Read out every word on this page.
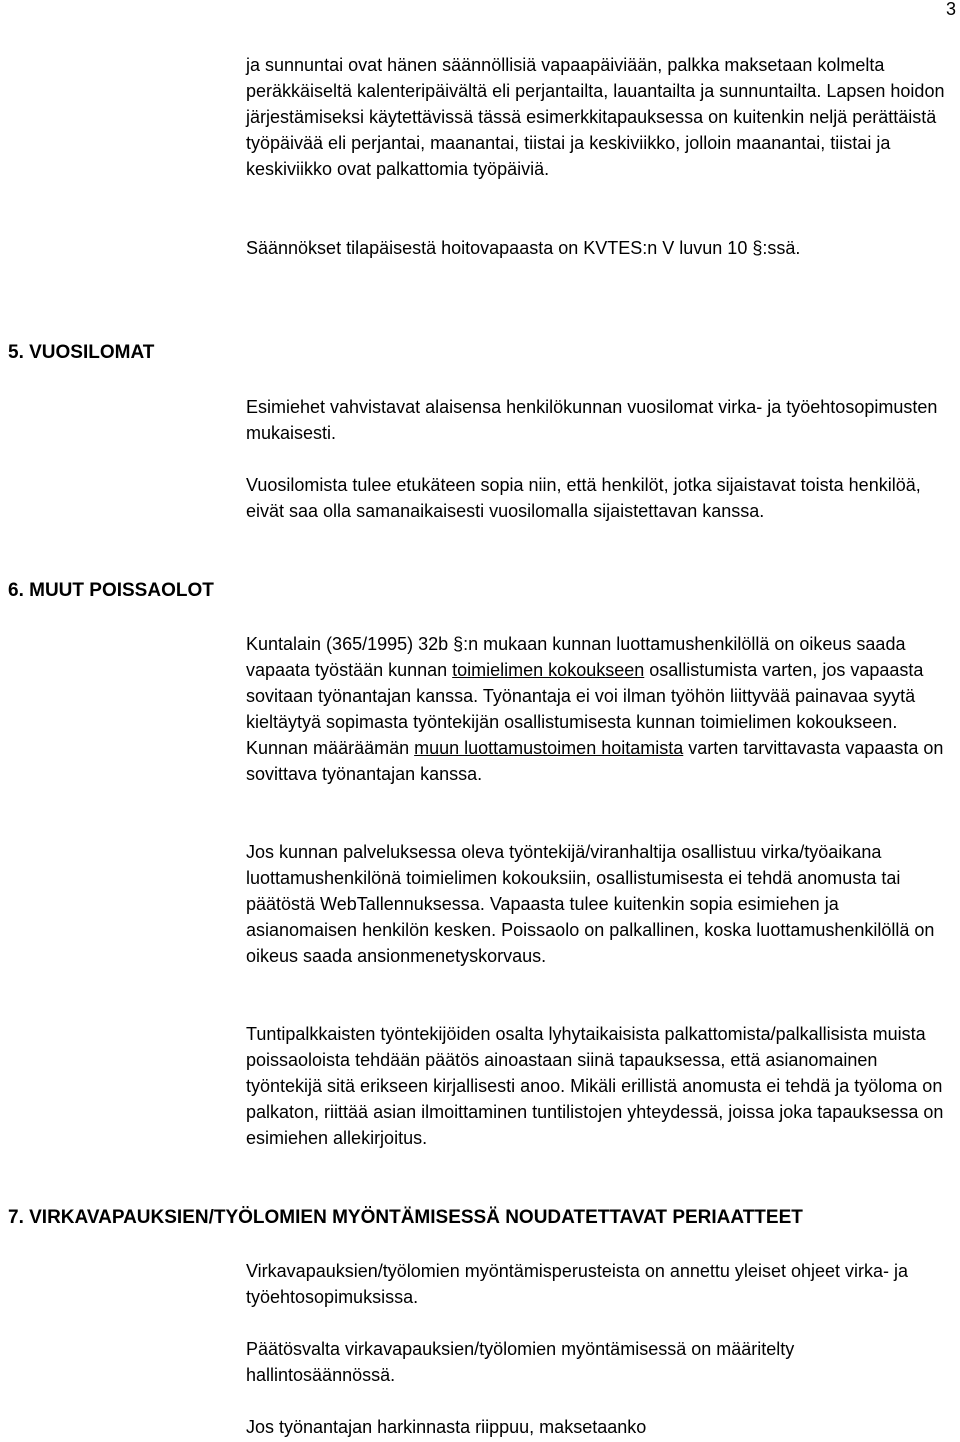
3

ja sunnuntai ovat hänen säännöllisiä vapaapäiviään, palkka maksetaan kolmelta peräkkäiseltä kalenteripäivältä eli perjantailta, lauantailta ja sunnuntailta. Lapsen hoidon järjestämiseksi käytettävissä tässä esimerkkitapauksessa on kuitenkin neljä perättäistä työpäivää eli perjantai, maanantai, tiistai ja keskiviikko, jolloin maanantai, tiistai ja keskiviikko ovat palkattomia työpäiviä.

Säännökset tilapäisestä hoitovapaasta on KVTES:n V luvun 10 §:ssä.

5. VUOSILOMAT

Esimiehet vahvistavat alaisensa henkilökunnan vuosilomat virka- ja työehtosopimusten mukaisesti.

Vuosilomista tulee etukäteen sopia niin, että henkilöt, jotka sijaistavat toista henkilöä, eivät saa olla samanaikaisesti vuosilomalla sijaistettavan kanssa.

6. MUUT POISSAOLOT

Kuntalain (365/1995) 32b §:n mukaan kunnan luottamushenkilöllä on oikeus saada vapaata työstään kunnan toimielimen kokoukseen osallistumista varten, jos vapaasta sovitaan työnantajan kanssa. Työnantaja ei voi ilman työhön liittyvää painavaa syytä kieltäytyä sopimasta työntekijän osallistumisesta kunnan toimielimen kokoukseen. Kunnan määräämän muun luottamustoimen hoitamista varten tarvittavasta vapaasta on sovittava työnantajan kanssa.

Jos kunnan palveluksessa oleva työntekijä/viranhaltija osallistuu virka/työaikana luottamushenkilönä toimielimen kokouksiin, osallistumisesta ei tehdä anomusta tai päätöstä WebTallennuksessa. Vapaasta tulee kuitenkin sopia esimiehen ja asianomaisen henkilön kesken. Poissaolo on palkallinen, koska luottamushenkilöllä on oikeus saada ansionmenetyskorvaus.

Tuntipalkkaisten työntekijöiden osalta lyhytaikaisista palkattomista/palkallisista muista poissaoloista tehdään päätös ainoastaan siinä tapauksessa, että asianomainen työntekijä sitä erikseen kirjallisesti anoo. Mikäli erillistä anomusta ei tehdä ja työloma on palkaton, riittää asian ilmoittaminen tuntilistojen yhteydessä, joissa joka tapauksessa on esimiehen allekirjoitus.

7. VIRKAVAPAUKSIEN/TYÖLOMIEN MYÖNTÄMISESSÄ NOUDATETTAVAT PERIAATTEET

Virkavapauksien/työlomien myöntämisperusteista on annettu yleiset ohjeet virka- ja työehtosopimuksissa.

Päätösvalta virkavapauksien/työlomien myöntämisessä on määritelty hallintosäännössä.

Jos työnantajan harkinnasta riippuu, maksetaanko
